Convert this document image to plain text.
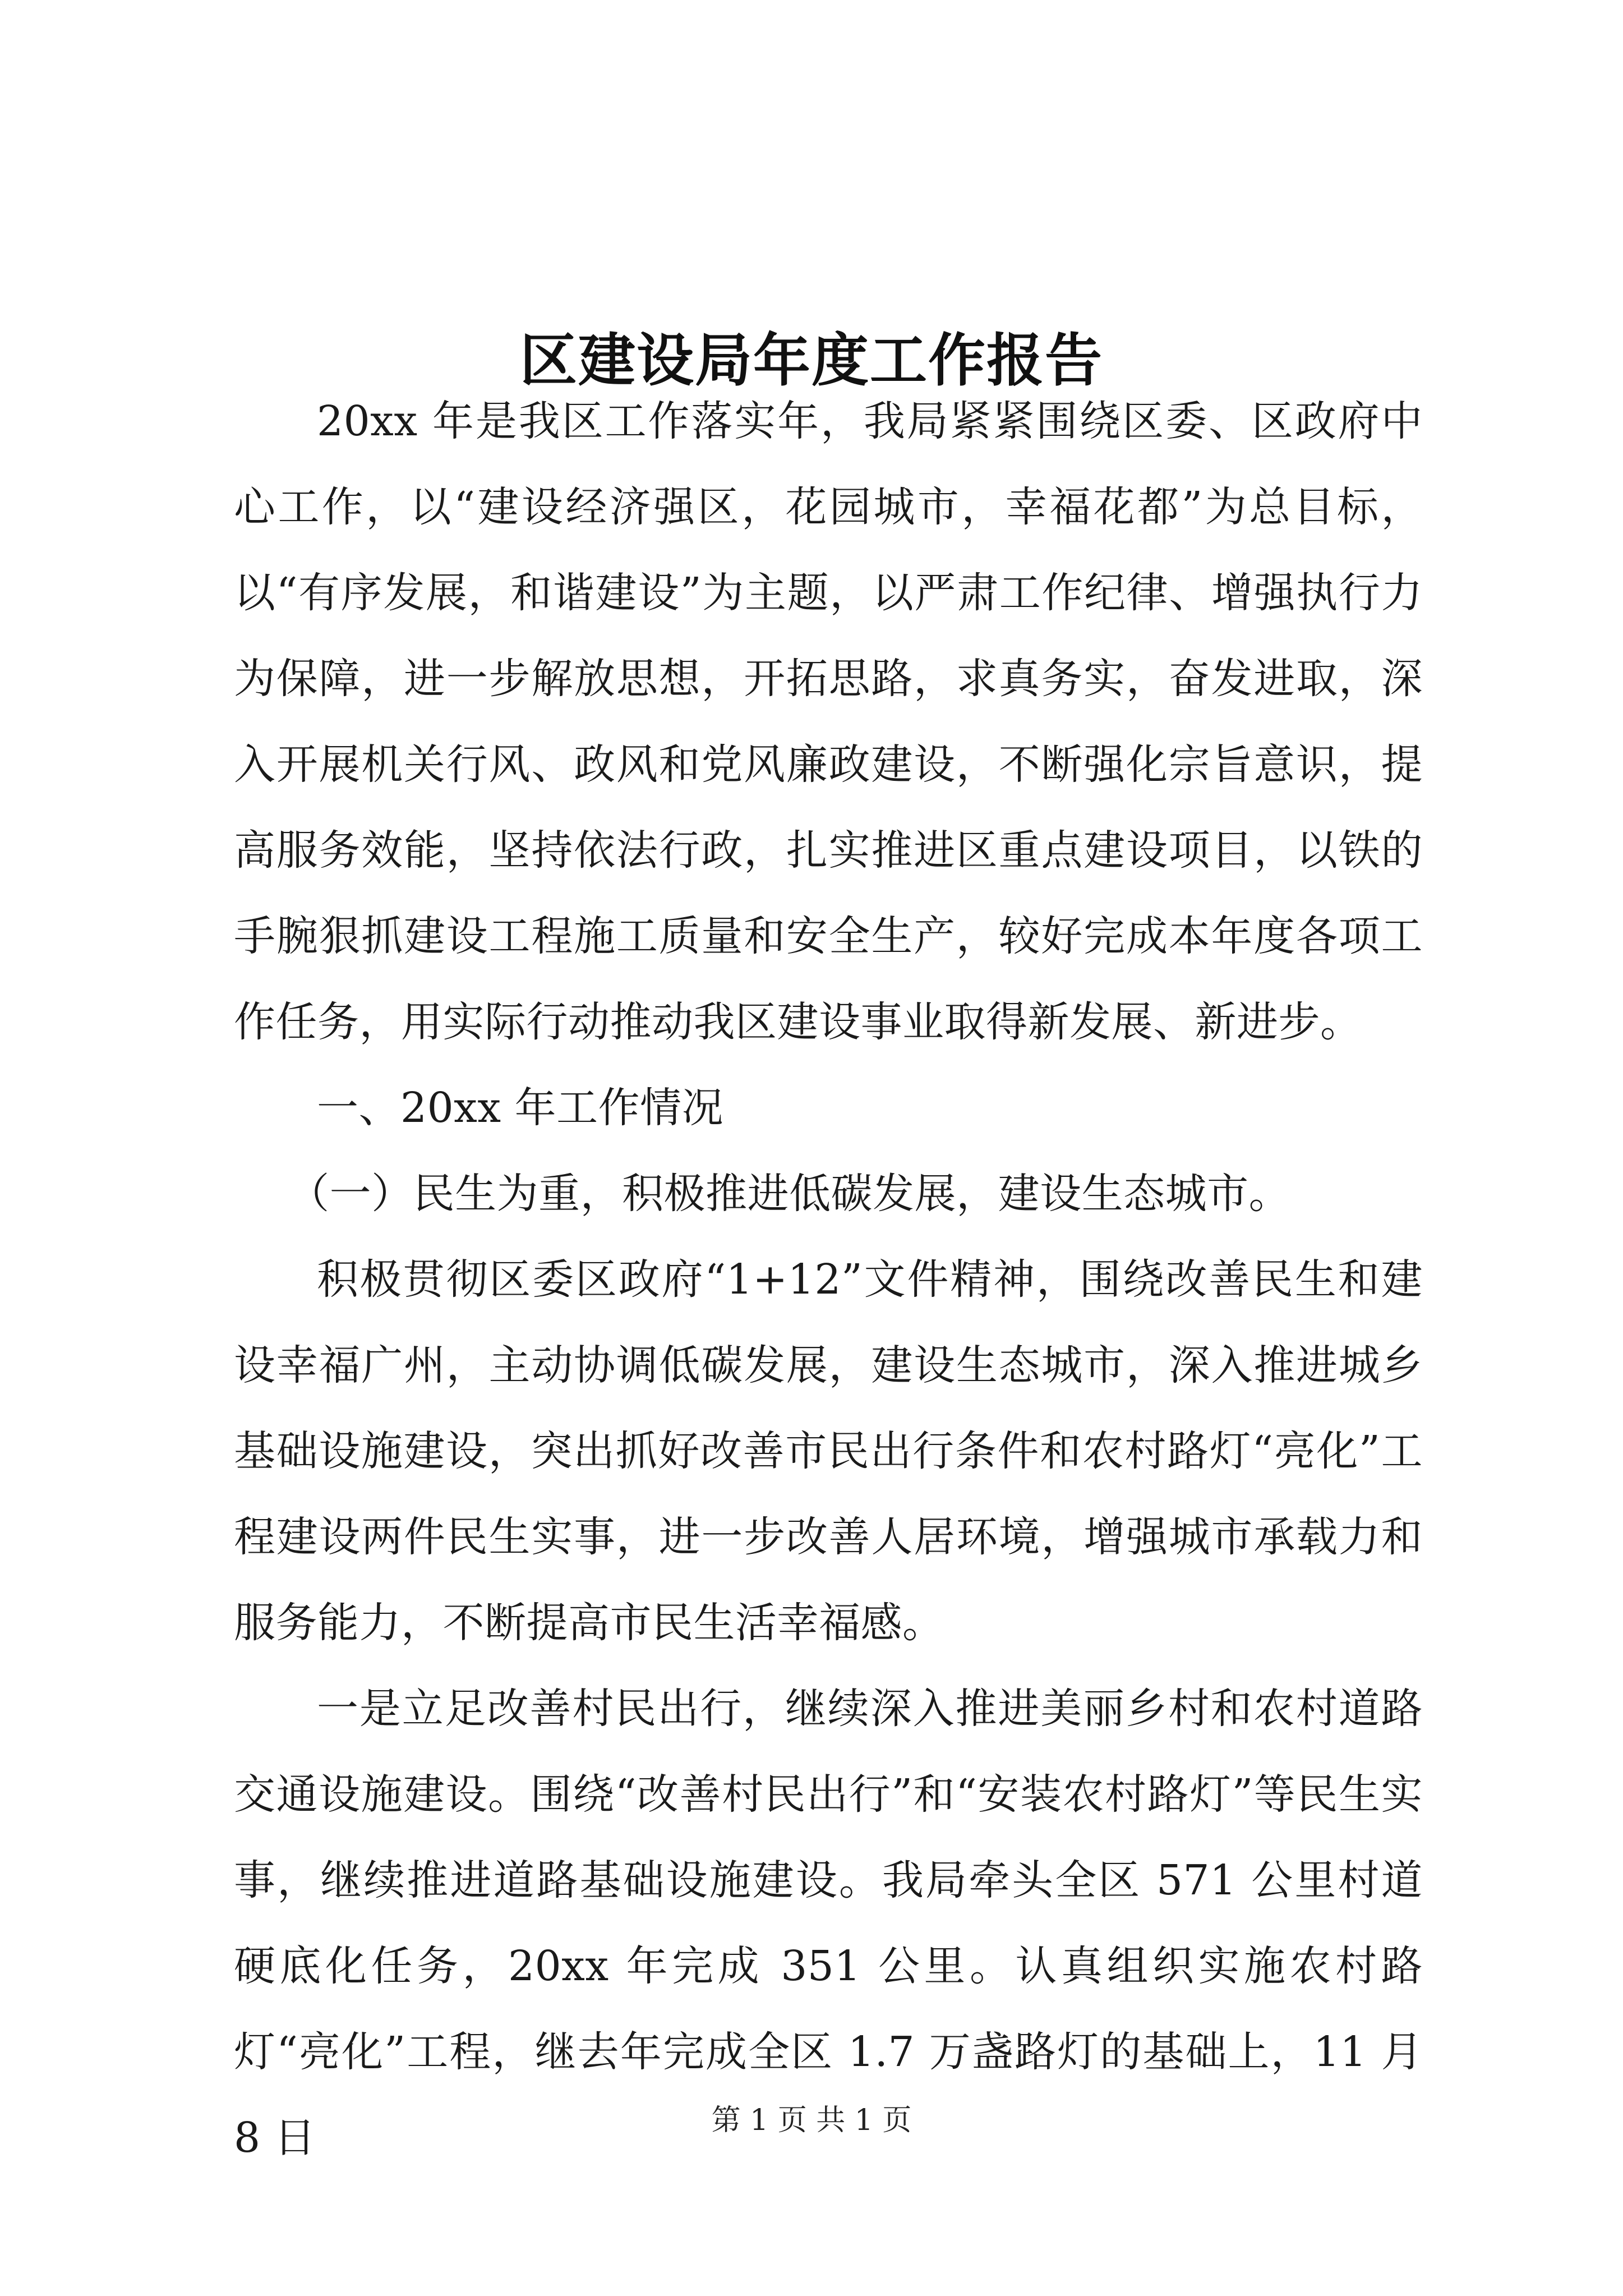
区建设局年度工作报告

20xx 年是我区工作落实年，我局紧紧围绕区委、区政府中心工作，以“建设经济强区，花园城市，幸福花都”为总目标，以“有序发展，和谐建设”为主题，以严肃工作纪律、增强执行力为保障，进一步解放思想，开拓思路，求真务实，奋发进取，深入开展机关行风、政风和党风廉政建设，不断强化宗旨意识，提高服务效能，坚持依法行政，扎实推进区重点建设项目，以铁的手腕狠抓建设工程施工质量和安全生产，较好完成本年度各项工作任务，用实际行动推动我区建设事业取得新发展、新进步。

一、20xx 年工作情况

（一）民生为重，积极推进低碳发展，建设生态城市。

积极贯彻区委区政府“1+12”文件精神，围绕改善民生和建设幸福广州，主动协调低碳发展，建设生态城市，深入推进城乡基础设施建设，突出抓好改善市民出行条件和农村路灯“亮化”工程建设两件民生实事，进一步改善人居环境，增强城市承载力和服务能力，不断提高市民生活幸福感。

一是立足改善村民出行，继续深入推进美丽乡村和农村道路交通设施建设。围绕“改善村民出行”和“安装农村路灯”等民生实事，继续推进道路基础设施建设。我局牵头全区 571 公里村道硬底化任务，20xx 年完成 351 公里。认真组织实施农村路灯“亮化”工程，继去年完成全区 1.7 万盏路灯的基础上，11 月 8 日	第 1 页 共 1 页
